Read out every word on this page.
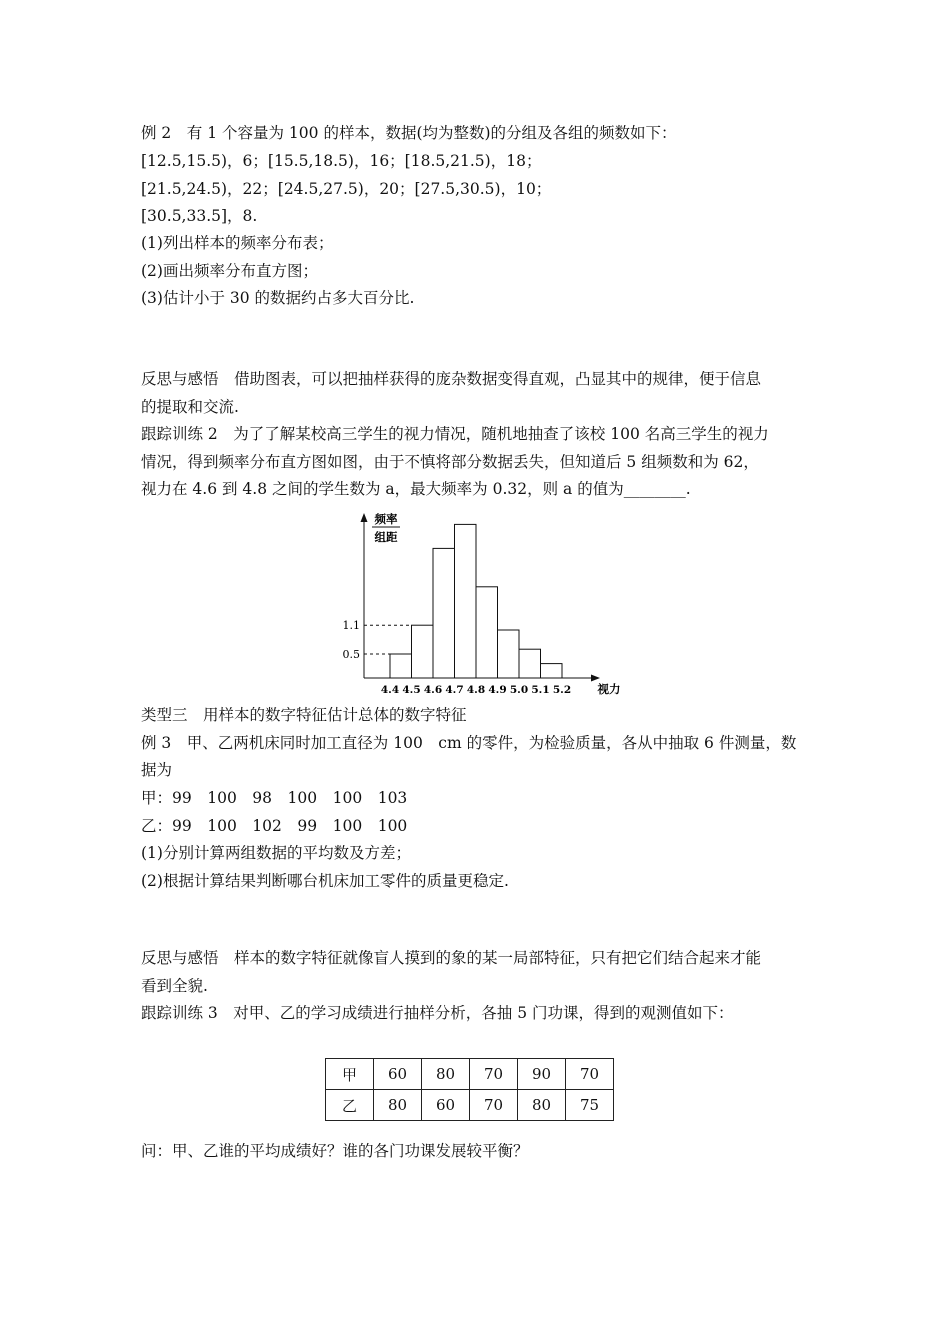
例 2　有 1 个容量为 100 的样本，数据(均为整数)的分组及各组的频数如下：
[12.5,15.5)，6；[15.5,18.5)，16；[18.5,21.5)，18；
[21.5,24.5)，22；[24.5,27.5)，20；[27.5,30.5)，10；
[30.5,33.5]，8.
(1)列出样本的频率分布表；
(2)画出频率分布直方图；
(3)估计小于 30 的数据约占多大百分比.
反思与感悟　借助图表，可以把抽样获得的庞杂数据变得直观，凸显其中的规律，便于信息
的提取和交流.
跟踪训练 2　为了了解某校高三学生的视力情况，随机地抽查了该校 100 名高三学生的视力
情况，得到频率分布直方图如图，由于不慎将部分数据丢失，但知道后 5 组频数和为 62，
视力在 4.6 到 4.8 之间的学生数为 a，最大频率为 0.32，则 a 的值为________.
0.5
1.1
4.4 4.5 4.6 4.7 4.8 4.9 5.0 5.1 5.2 视力
频率
组距
类型三　用样本的数字特征估计总体的数字特征
例 3　甲、乙两机床同时加工直径为 100　cm 的零件，为检验质量，各从中抽取 6 件测量，数
据为
甲：99　100　98　100　100　103
乙：99　100　102　99　100　100
(1)分别计算两组数据的平均数及方差；
(2)根据计算结果判断哪台机床加工零件的质量更稳定.
反思与感悟　样本的数字特征就像盲人摸到的象的某一局部特征，只有把它们结合起来才能
看到全貌.
跟踪训练 3　对甲、乙的学习成绩进行抽样分析，各抽 5 门功课，得到的观测值如下：
甲	60	80	70	90	70
乙	80	60	70	80	75
问：甲、乙谁的平均成绩好？谁的各门功课发展较平衡？
